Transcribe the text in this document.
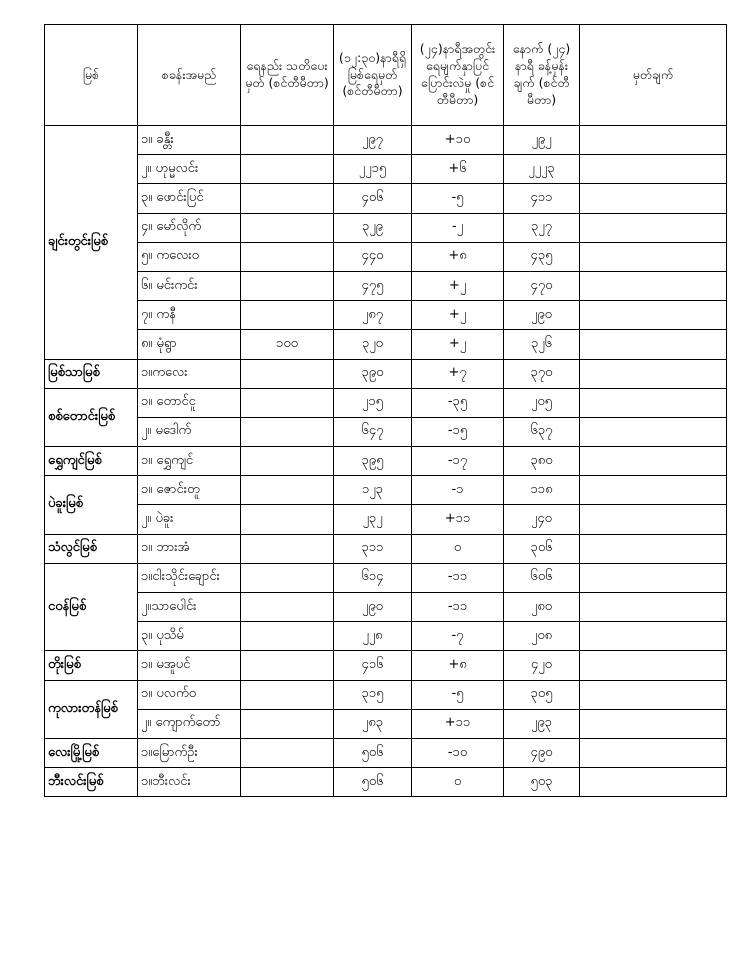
မြစ်	စခန်းအမည်	ရေနည်း သတိပေးမှတ် (စင်တီမီတာ)	(၁၂:၃၀)နာရီရှိ မြစ်ရေမှတ် (စင်တီမီတာ)	(၂၄)နာရီအတွင်း ရေမျက်နှာပြင် ပြောင်းလဲမှု (စင်တီမီတာ)	နောက် (၂၄) နာရီ ခန့်မှန်းချက် (စင်တီမီတာ)	မှတ်ချက်
ချင်းတွင်းမြစ်	၁။ ခန္တီး		၂၉၇	+၁၀	၂၉၂	
	၂။ ဟုမ္မလင်း		၂၂၁၅	+၆	၂၂၂၃	
	၃။ ဖောင်းပြင်		၄၀၆	-၅	၄၁၁	
	၄။ မော်လိုက်		၃၂၉	-၂	၃၂၇	
	၅။ ကလေးဝ		၄၄၀	+၈	၄၃၅	
	၆။ မင်းကင်း		၄၇၅	+၂	၄၇၀	
	၇။ ကနီ		၂၈၇	+၂	၂၉၀	
	၈။ မုံရွာ	၁၀၀	၃၂၀	+၂	၃၂၆	
မြစ်သာမြစ်	၁။ကလေး		၃၉၀	+၇	၃၇၀	
စစ်တောင်းမြစ်	၁။ တောင်ငူ		၂၁၅	-၃၅	၂၀၅	
	၂။ မဒေါက်		၆၄၇	-၁၅	၆၃၇	
ရွှေကျင်မြစ်	၁။ ရွှေကျင်		၃၉၅	-၁၇	၃၈၀	
ပဲခူးမြစ်	၁။ ဇောင်းတူ		၁၂၃	-၁	၁၁၈	
	၂။ ပဲခူး		၂၃၂	+၁၁	၂၄၀	
သံလွင်မြစ်	၁။ ဘားအံ		၃၁၁	၀	၃၀၆	
ငဝန်မြစ်	၁။ငါးသိုင်းချောင်း		၆၁၄	-၁၁	၆၀၆	
	၂။သာပေါင်း		၂၉၀	-၁၁	၂၈၀	
	၃။ ပုသိမ်		၂၂၈	-၇	၂၀၈	
တိုးမြစ်	၁။ မအူပင်		၄၁၆	+၈	၄၂၀	
ကုလားတန်မြစ်	၁။ ပလက်ဝ		၃၁၅	-၅	၃၀၅	
	၂။ ကျောက်တော်		၂၈၃	+၁၁	၂၉၃	
လေးမြို့မြစ်	၁။မြောက်ဦး		၅၀၆	-၁၀	၄၉၀	
ဘီးလင်းမြစ်	၁။ဘီးလင်း		၅၀၆	၀	၅၀၃	
